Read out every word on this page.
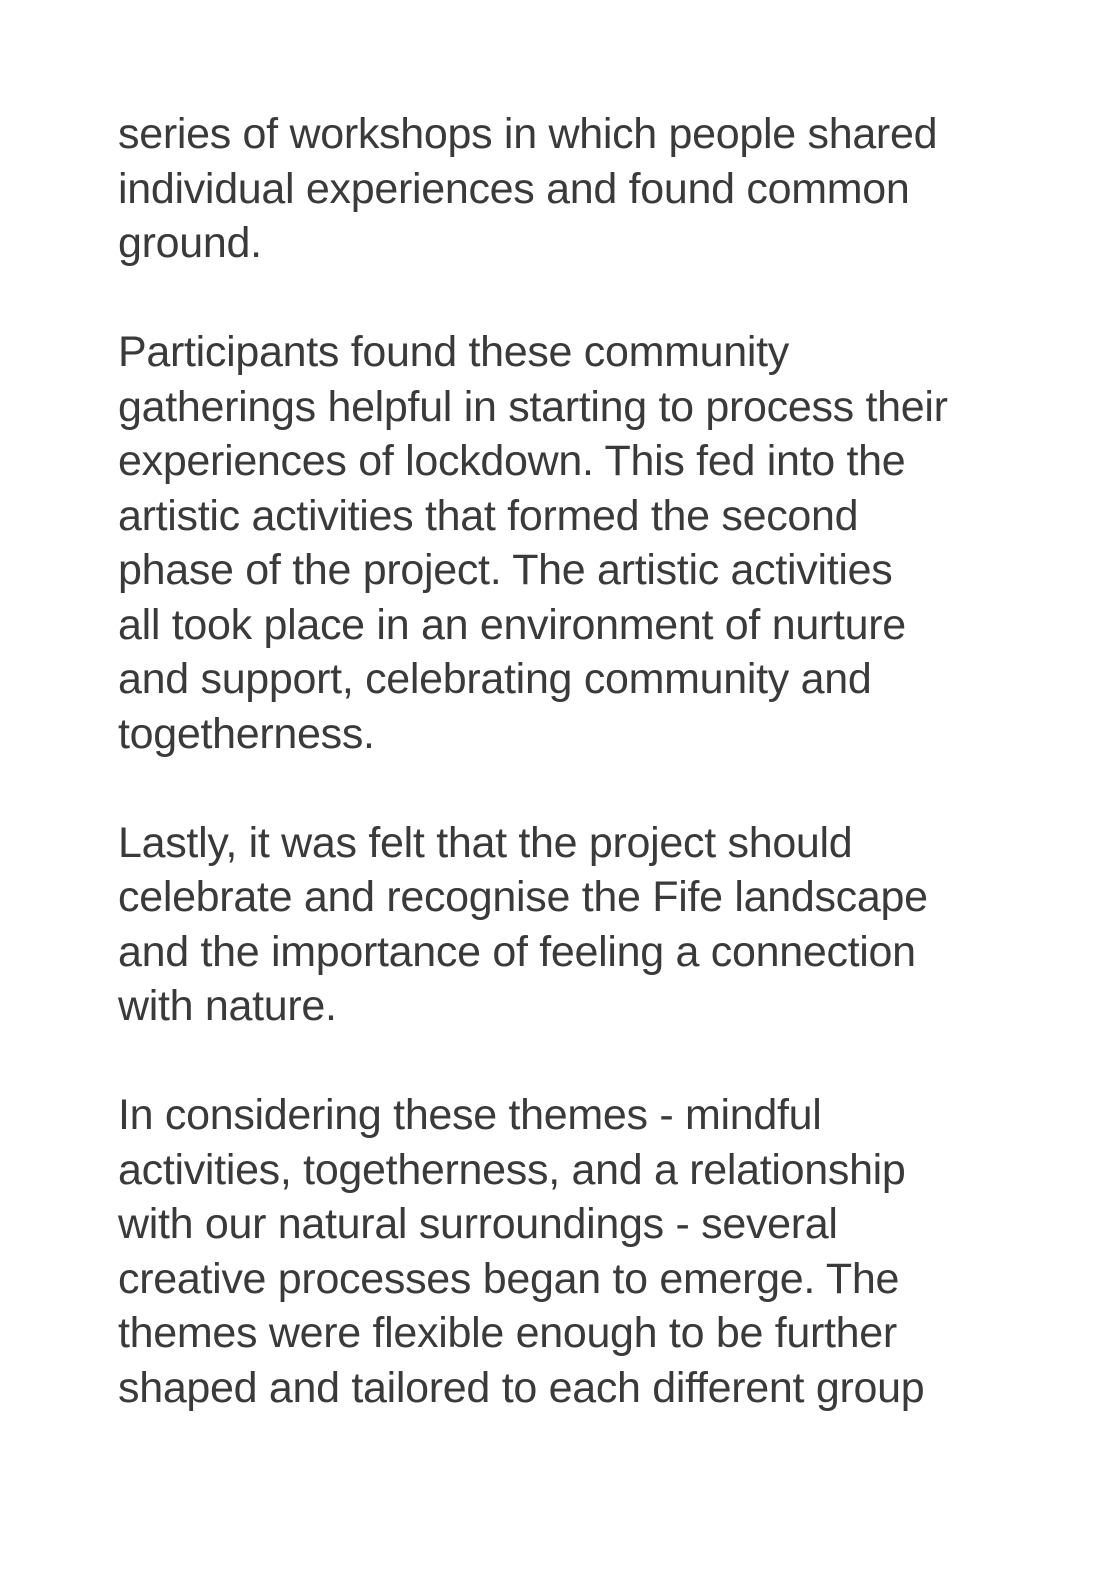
series of workshops in which people shared
individual experiences and found common
ground.

Participants found these community
gatherings helpful in starting to process their
experiences of lockdown. This fed into the
artistic activities that formed the second
phase of the project. The artistic activities
all took place in an environment of nurture
and support, celebrating community and
togetherness.

Lastly, it was felt that the project should
celebrate and recognise the Fife landscape
and the importance of feeling a connection
with nature.

In considering these themes - mindful
activities, togetherness, and a relationship
with our natural surroundings - several
creative processes began to emerge. The
themes were flexible enough to be further
shaped and tailored to each different group
